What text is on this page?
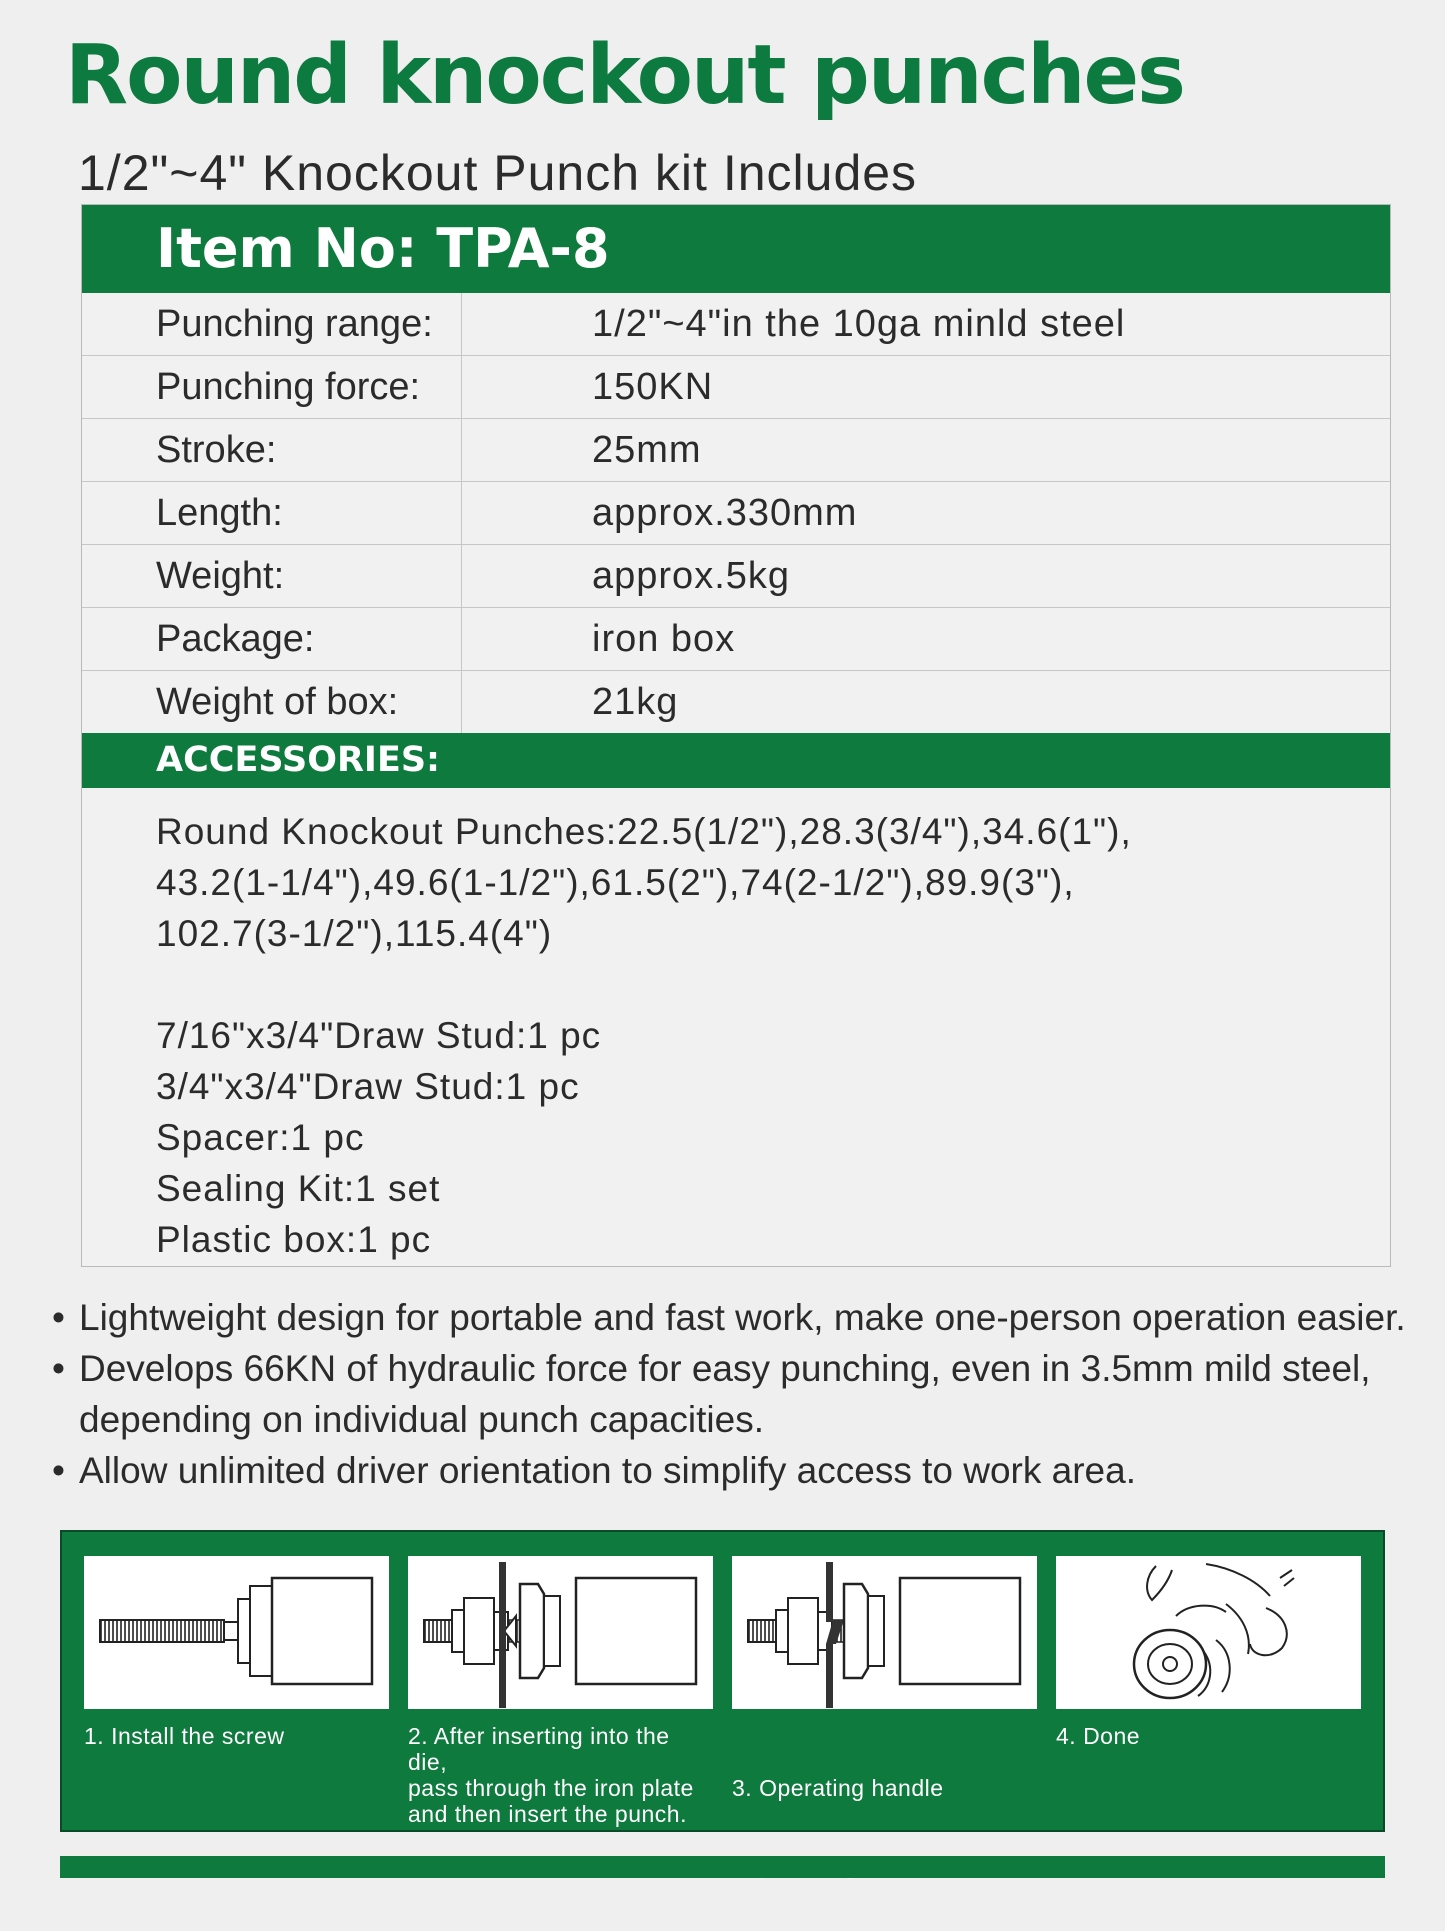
Round knockout punches
1/2"~4" Knockout Punch kit Includes
Item No: TPA-8
Punching range:	1/2"~4"in the 10ga minld steel
Punching force:	150KN
Stroke:	25mm
Length:	approx.330mm
Weight:	approx.5kg
Package:	iron box
Weight of box:	21kg
ACCESSORIES:
Round Knockout Punches:22.5(1/2"),28.3(3/4"),34.6(1"),
43.2(1-1/4"),49.6(1-1/2"),61.5(2"),74(2-1/2"),89.9(3"),
102.7(3-1/2"),115.4(4")
7/16"x3/4"Draw Stud:1 pc
3/4"x3/4"Draw Stud:1 pc
Spacer:1 pc
Sealing Kit:1 set
Plastic box:1 pc
• Lightweight design for portable and fast work, make one-person operation easier.
• Develops 66KN of hydraulic force for easy punching, even in 3.5mm mild steel,
depending on individual punch capacities.
• Allow unlimited driver orientation to simplify access to work area.
1. Install the screw	2. After inserting into the die,
pass through the iron plate
and then insert the punch.

3. Operating handle

4. Done
